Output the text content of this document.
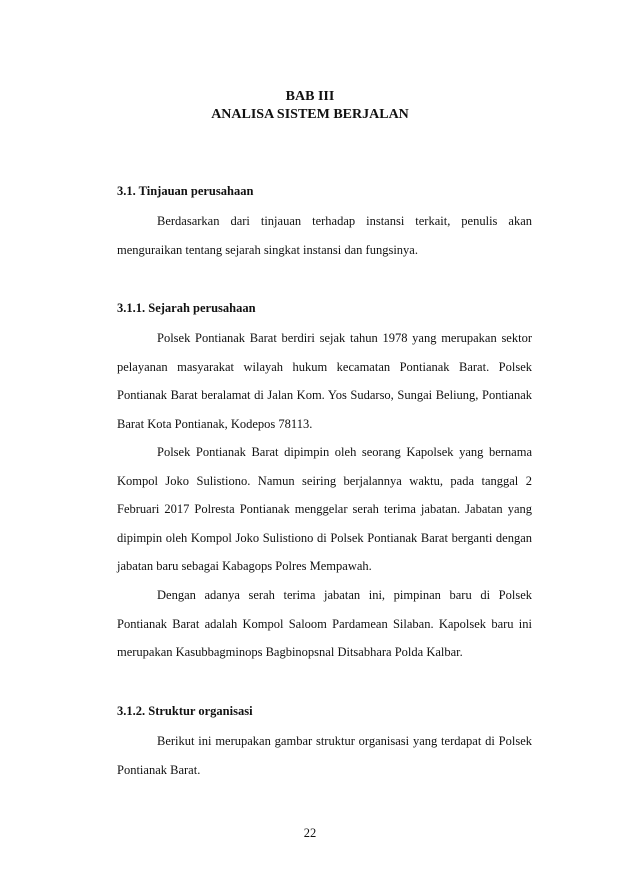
BAB III
ANALISA SISTEM BERJALAN
3.1. Tinjauan perusahaan

Berdasarkan dari tinjauan terhadap instansi terkait, penulis akan menguraikan tentang sejarah singkat instansi dan fungsinya.

3.1.1. Sejarah perusahaan

Polsek Pontianak Barat berdiri sejak tahun 1978 yang merupakan sektor pelayanan masyarakat wilayah hukum kecamatan Pontianak Barat. Polsek Pontianak Barat beralamat di Jalan Kom. Yos Sudarso, Sungai Beliung, Pontianak Barat Kota Pontianak, Kodepos 78113.

Polsek Pontianak Barat dipimpin oleh seorang Kapolsek yang bernama Kompol Joko Sulistiono. Namun seiring berjalannya waktu, pada tanggal 2 Februari 2017 Polresta Pontianak menggelar serah terima jabatan. Jabatan yang dipimpin oleh Kompol Joko Sulistiono di Polsek Pontianak Barat berganti dengan jabatan baru sebagai Kabagops Polres Mempawah.

Dengan adanya serah terima jabatan ini, pimpinan baru di Polsek Pontianak Barat adalah Kompol Saloom Pardamean Silaban. Kapolsek baru ini merupakan Kasubbagminops Bagbinopsnal Ditsabhara Polda Kalbar.

3.1.2. Struktur organisasi

Berikut ini merupakan gambar struktur organisasi yang terdapat di Polsek Pontianak Barat.

22
